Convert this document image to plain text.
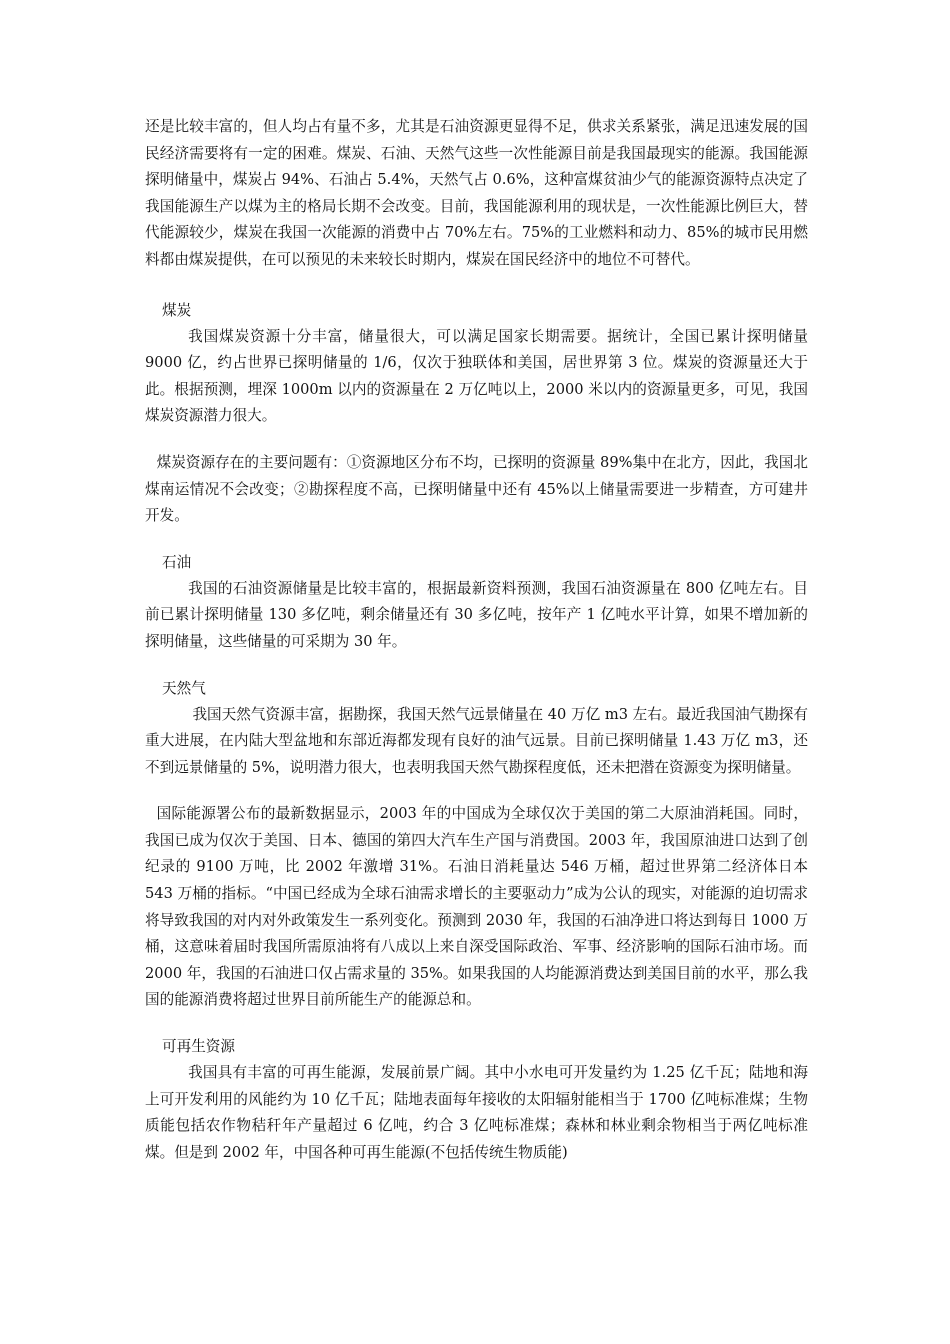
还是比较丰富的，但人均占有量不多，尤其是石油资源更显得不足，供求关系紧张，满足迅速发展的国民经济需要将有一定的困难。煤炭、石油、天然气这些一次性能源目前是我国最现实的能源。我国能源探明储量中，煤炭占 94%、石油占 5.4%，天然气占 0.6%，这种富煤贫油少气的能源资源特点决定了我国能源生产以煤为主的格局长期不会改变。目前，我国能源利用的现状是，一次性能源比例巨大，替代能源较少，煤炭在我国一次能源的消费中占 70%左右。75%的工业燃料和动力、85%的城市民用燃料都由煤炭提供，在可以预见的未来较长时期内，煤炭在国民经济中的地位不可替代。

煤炭

我国煤炭资源十分丰富，储量很大，可以满足国家长期需要。据统计，全国已累计探明储量 9000 亿，约占世界已探明储量的 1/6，仅次于独联体和美国，居世界第 3 位。煤炭的资源量还大于此。根据预测，埋深 1000m 以内的资源量在 2 万亿吨以上，2000 米以内的资源量更多，可见，我国煤炭资源潜力很大。

煤炭资源存在的主要问题有：①资源地区分布不均，已探明的资源量 89%集中在北方，因此，我国北煤南运情况不会改变；②勘探程度不高，已探明储量中还有 45%以上储量需要进一步精查，方可建井开发。

石油

我国的石油资源储量是比较丰富的，根据最新资料预测，我国石油资源量在 800 亿吨左右。目前已累计探明储量 130 多亿吨，剩余储量还有 30 多亿吨，按年产 1 亿吨水平计算，如果不增加新的探明储量，这些储量的可采期为 30 年。

天然气

我国天然气资源丰富，据勘探，我国天然气远景储量在 40 万亿 m3 左右。最近我国油气勘探有重大进展，在内陆大型盆地和东部近海都发现有良好的油气远景。目前已探明储量 1.43 万亿 m3，还不到远景储量的 5%，说明潜力很大，也表明我国天然气勘探程度低，还未把潜在资源变为探明储量。

国际能源署公布的最新数据显示，2003 年的中国成为全球仅次于美国的第二大原油消耗国。同时，我国已成为仅次于美国、日本、德国的第四大汽车生产国与消费国。2003 年，我国原油进口达到了创纪录的 9100 万吨，比 2002 年激增 31%。石油日消耗量达 546 万桶，超过世界第二经济体日本 543 万桶的指标。“中国已经成为全球石油需求增长的主要驱动力”成为公认的现实，对能源的迫切需求将导致我国的对内对外政策发生一系列变化。预测到 2030 年，我国的石油净进口将达到每日 1000 万桶，这意味着届时我国所需原油将有八成以上来自深受国际政治、军事、经济影响的国际石油市场。而 2000 年，我国的石油进口仅占需求量的 35%。如果我国的人均能源消费达到美国目前的水平，那么我国的能源消费将超过世界目前所能生产的能源总和。

可再生资源

我国具有丰富的可再生能源，发展前景广阔。其中小水电可开发量约为 1.25 亿千瓦；陆地和海上可开发利用的风能约为 10 亿千瓦；陆地表面每年接收的太阳辐射能相当于 1700 亿吨标准煤；生物质能包括农作物秸秆年产量超过 6 亿吨，约合 3 亿吨标准煤；森林和林业剩余物相当于两亿吨标准煤。但是到 2002 年，中国各种可再生能源(不包括传统生物质能)
